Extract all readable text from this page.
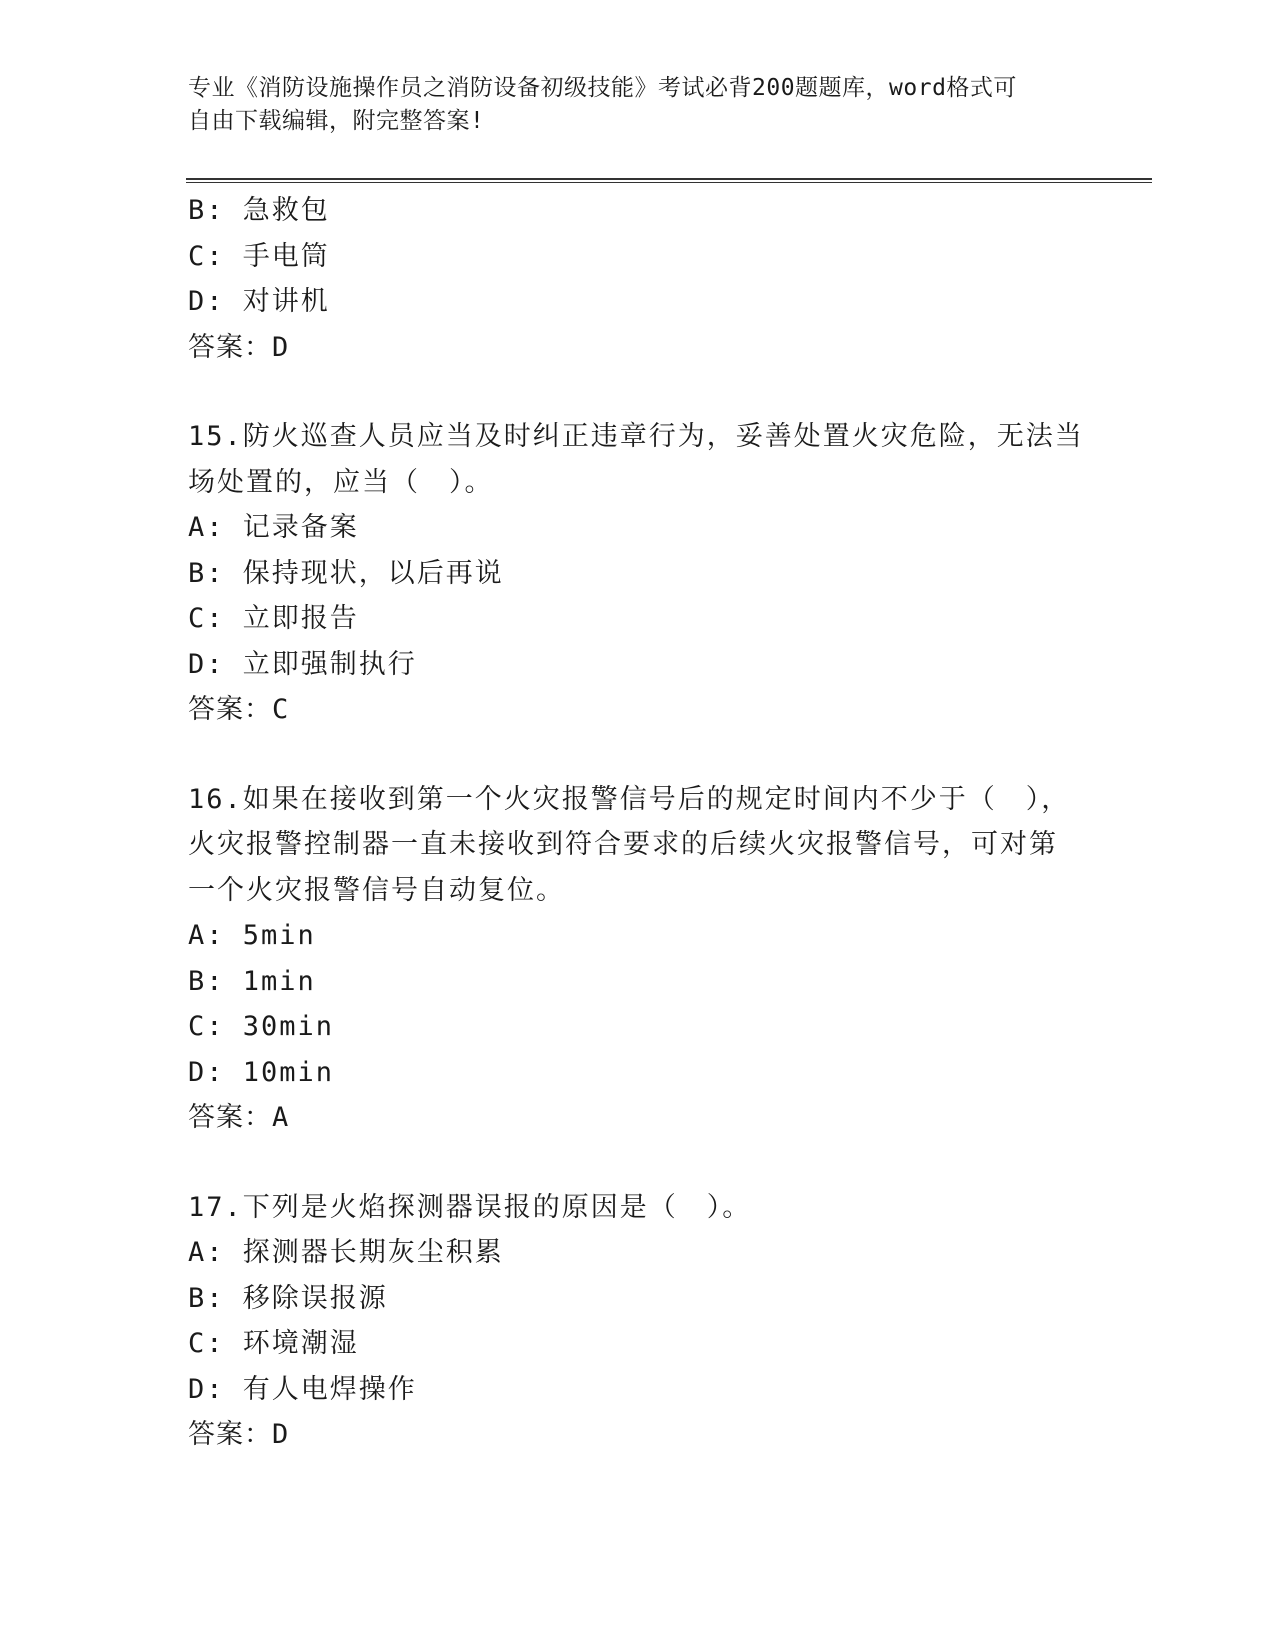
专业《消防设施操作员之消防设备初级技能》考试必背200题题库，word格式可
自由下载编辑，附完整答案!
B: 急救包
C: 手电筒
D: 对讲机
答案：D
15.防火巡查人员应当及时纠正违章行为，妥善处置火灾危险，无法当
场处置的，应当（　）。
A: 记录备案
B: 保持现状，以后再说
C: 立即报告
D: 立即强制执行
答案：C
16.如果在接收到第一个火灾报警信号后的规定时间内不少于（　），
火灾报警控制器一直未接收到符合要求的后续火灾报警信号，可对第
一个火灾报警信号自动复位。
A: 5min
B: 1min
C: 30min
D: 10min
答案：A
17.下列是火焰探测器误报的原因是（　）。
A: 探测器长期灰尘积累
B: 移除误报源
C: 环境潮湿
D: 有人电焊操作
答案：D
